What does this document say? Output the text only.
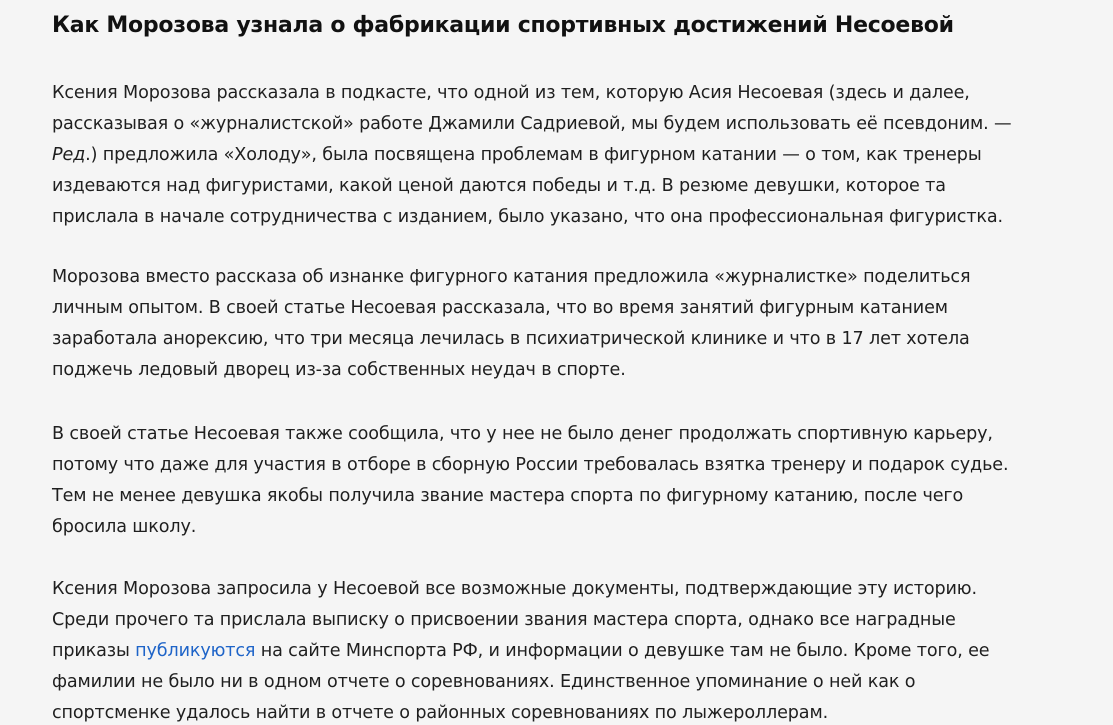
Как Морозова узнала о фабрикации спортивных достижений Несоевой

Ксения Морозова рассказала в подкасте, что одной из тем, которую Асия Несоевая (здесь и далее,
рассказывая о «журналистской» работе Джамили Садриевой, мы будем использовать её псевдоним. —
Ред.) предложила «Холоду», была посвящена проблемам в фигурном катании — о том, как тренеры
издеваются над фигуристами, какой ценой даются победы и т.д. В резюме девушки, которое та
прислала в начале сотрудничества с изданием, было указано, что она профессиональная фигуристка.

Морозова вместо рассказа об изнанке фигурного катания предложила «журналистке» поделиться
личным опытом. В своей статье Несоевая рассказала, что во время занятий фигурным катанием
заработала анорексию, что три месяца лечилась в психиатрической клинике и что в 17 лет хотела
поджечь ледовый дворец из-за собственных неудач в спорте.

В своей статье Несоевая также сообщила, что у нее не было денег продолжать спортивную карьеру,
потому что даже для участия в отборе в сборную России требовалась взятка тренеру и подарок судье.
Тем не менее девушка якобы получила звание мастера спорта по фигурному катанию, после чего
бросила школу.

Ксения Морозова запросила у Несоевой все возможные документы, подтверждающие эту историю.
Среди прочего та прислала выписку о присвоении звания мастера спорта, однако все наградные
приказы публикуются на сайте Минспорта РФ, и информации о девушке там не было. Кроме того, ее
фамилии не было ни в одном отчете о соревнованиях. Единственное упоминание о ней как о
спортсменке удалось найти в отчете о районных соревнованиях по лыжероллерам.
